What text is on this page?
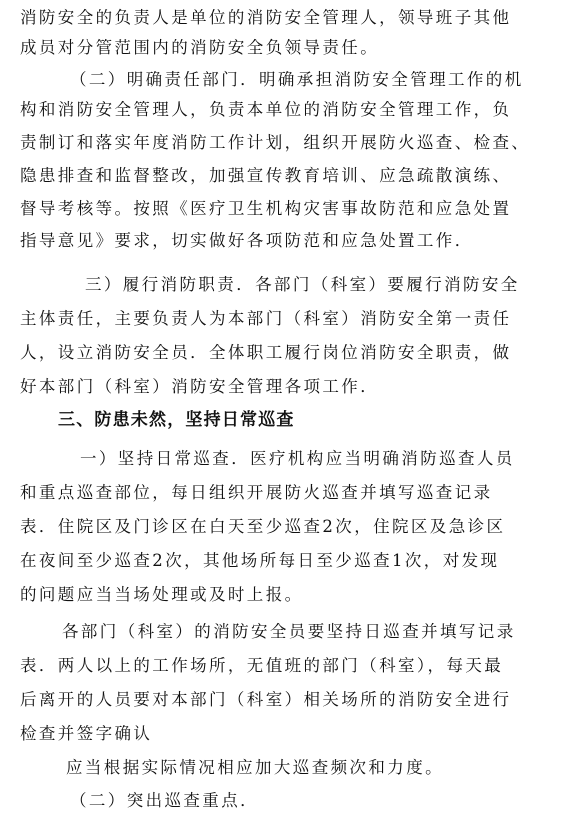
消防安全的负责人是单位的消防安全管理人，领导班子其他
成员对分管范围内的消防安全负领导责任。
（二）明确责任部门．明确承担消防安全管理工作的机
构和消防安全管理人，负责本单位的消防安全管理工作，负
责制订和落实年度消防工作计划，组织开展防火巡查、检查、
隐患排查和监督整改，加强宣传教育培训、应急疏散演练、
督导考核等。按照《医疗卫生机构灾害事故防范和应急处置
指导意见》要求，切实做好各项防范和应急处置工作．
三）履行消防职责．各部门（科室）要履行消防安全
主体责任，主要负责人为本部门（科室）消防安全第一责任
人，设立消防安全员．全体职工履行岗位消防安全职责，做
好本部门（科室）消防安全管理各项工作．
三、防患未然，坚持日常巡查
一）坚持日常巡查．医疗机构应当明确消防巡查人员
和重点巡查部位，每日组织开展防火巡查并填写巡查记录
表．住院区及门诊区在白天至少巡查2次，住院区及急诊区
在夜间至少巡查2次，其他场所每日至少巡查1次，对发现
的问题应当当场处理或及时上报。
各部门（科室）的消防安全员要坚持日巡查并填写记录
表．两人以上的工作场所，无值班的部门（科室），每天最
后离开的人员要对本部门（科室）相关场所的消防安全进行
检查并签字确认
应当根据实际情况相应加大巡查频次和力度。
（二）突出巡查重点．
